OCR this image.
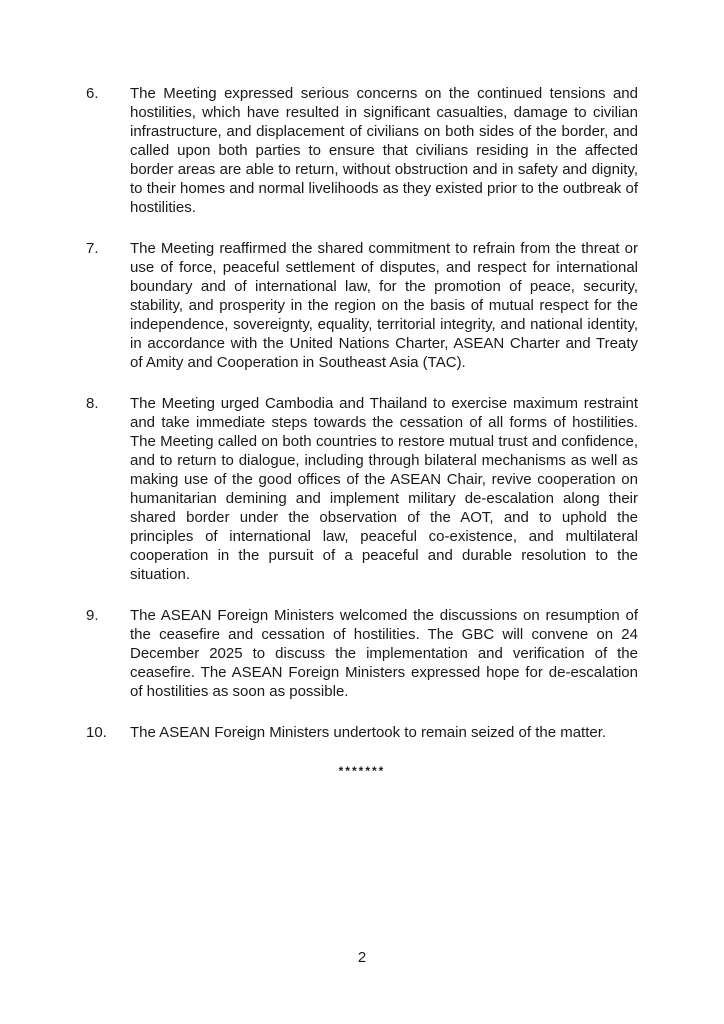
6.	The Meeting expressed serious concerns on the continued tensions and hostilities, which have resulted in significant casualties, damage to civilian infrastructure, and displacement of civilians on both sides of the border, and called upon both parties to ensure that civilians residing in the affected border areas are able to return, without obstruction and in safety and dignity, to their homes and normal livelihoods as they existed prior to the outbreak of hostilities.
7.	The Meeting reaffirmed the shared commitment to refrain from the threat or use of force, peaceful settlement of disputes, and respect for international boundary and of international law, for the promotion of peace, security, stability, and prosperity in the region on the basis of mutual respect for the independence, sovereignty, equality, territorial integrity, and national identity, in accordance with the United Nations Charter, ASEAN Charter and Treaty of Amity and Cooperation in Southeast Asia (TAC).
8.	The Meeting urged Cambodia and Thailand to exercise maximum restraint and take immediate steps towards the cessation of all forms of hostilities. The Meeting called on both countries to restore mutual trust and confidence, and to return to dialogue, including through bilateral mechanisms as well as making use of the good offices of the ASEAN Chair, revive cooperation on humanitarian demining and implement military de-escalation along their shared border under the observation of the AOT, and to uphold the principles of international law, peaceful co-existence, and multilateral cooperation in the pursuit of a peaceful and durable resolution to the situation.
9.	The ASEAN Foreign Ministers welcomed the discussions on resumption of the ceasefire and cessation of hostilities. The GBC will convene on 24 December 2025 to discuss the implementation and verification of the ceasefire. The ASEAN Foreign Ministers expressed hope for de-escalation of hostilities as soon as possible.
10.	The ASEAN Foreign Ministers undertook to remain seized of the matter.
*******
2
